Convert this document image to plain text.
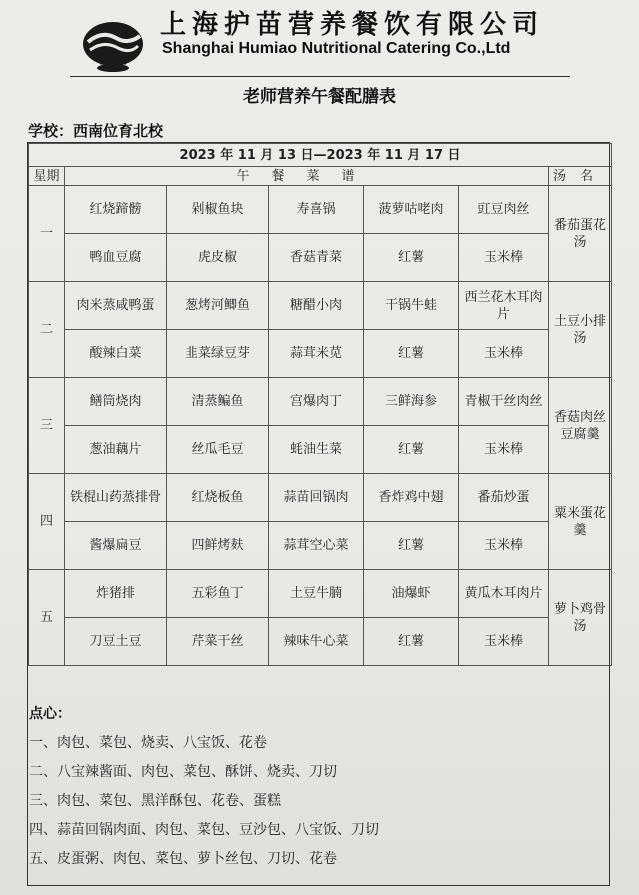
上海护苗营养餐饮有限公司
Shanghai Humiao Nutritional Catering Co.,Ltd
老师营养午餐配膳表
学校：西南位育北校
2023 年 11 月 13 日—2023 年 11 月 17 日						
星期	午餐菜谱					汤名
一	红烧蹄髈	剁椒鱼块	寿喜锅	菠萝咕咾肉	豇豆肉丝	番茄蛋花汤
	鸭血豆腐	虎皮椒	香菇青菜	红薯	玉米棒	
二	肉米蒸咸鸭蛋	葱烤河鲫鱼	糖醋小肉	干锅牛蛙	西兰花木耳肉片	土豆小排汤
	酸辣白菜	韭菜绿豆芽	蒜茸米苋	红薯	玉米棒	
三	鳝筒烧肉	清蒸鳊鱼	宫爆肉丁	三鲜海参	青椒干丝肉丝	香菇肉丝豆腐羹
	葱油藕片	丝瓜毛豆	蚝油生菜	红薯	玉米棒	
四	铁棍山药蒸排骨	红烧板鱼	蒜苗回锅肉	香炸鸡中翅	番茄炒蛋	粟米蛋花羹
	酱爆扁豆	四鲜烤麸	蒜茸空心菜	红薯	玉米棒	
五	炸猪排	五彩鱼丁	土豆牛腩	油爆虾	黄瓜木耳肉片	萝卜鸡骨汤
	刀豆土豆	芹菜干丝	辣味牛心菜	红薯	玉米棒	
点心：
一、肉包、菜包、烧卖、八宝饭、花卷
二、八宝辣酱面、肉包、菜包、酥饼、烧卖、刀切
三、肉包、菜包、黑洋酥包、花卷、蛋糕
四、蒜苗回锅肉面、肉包、菜包、豆沙包、八宝饭、刀切
五、皮蛋粥、肉包、菜包、萝卜丝包、刀切、花卷
